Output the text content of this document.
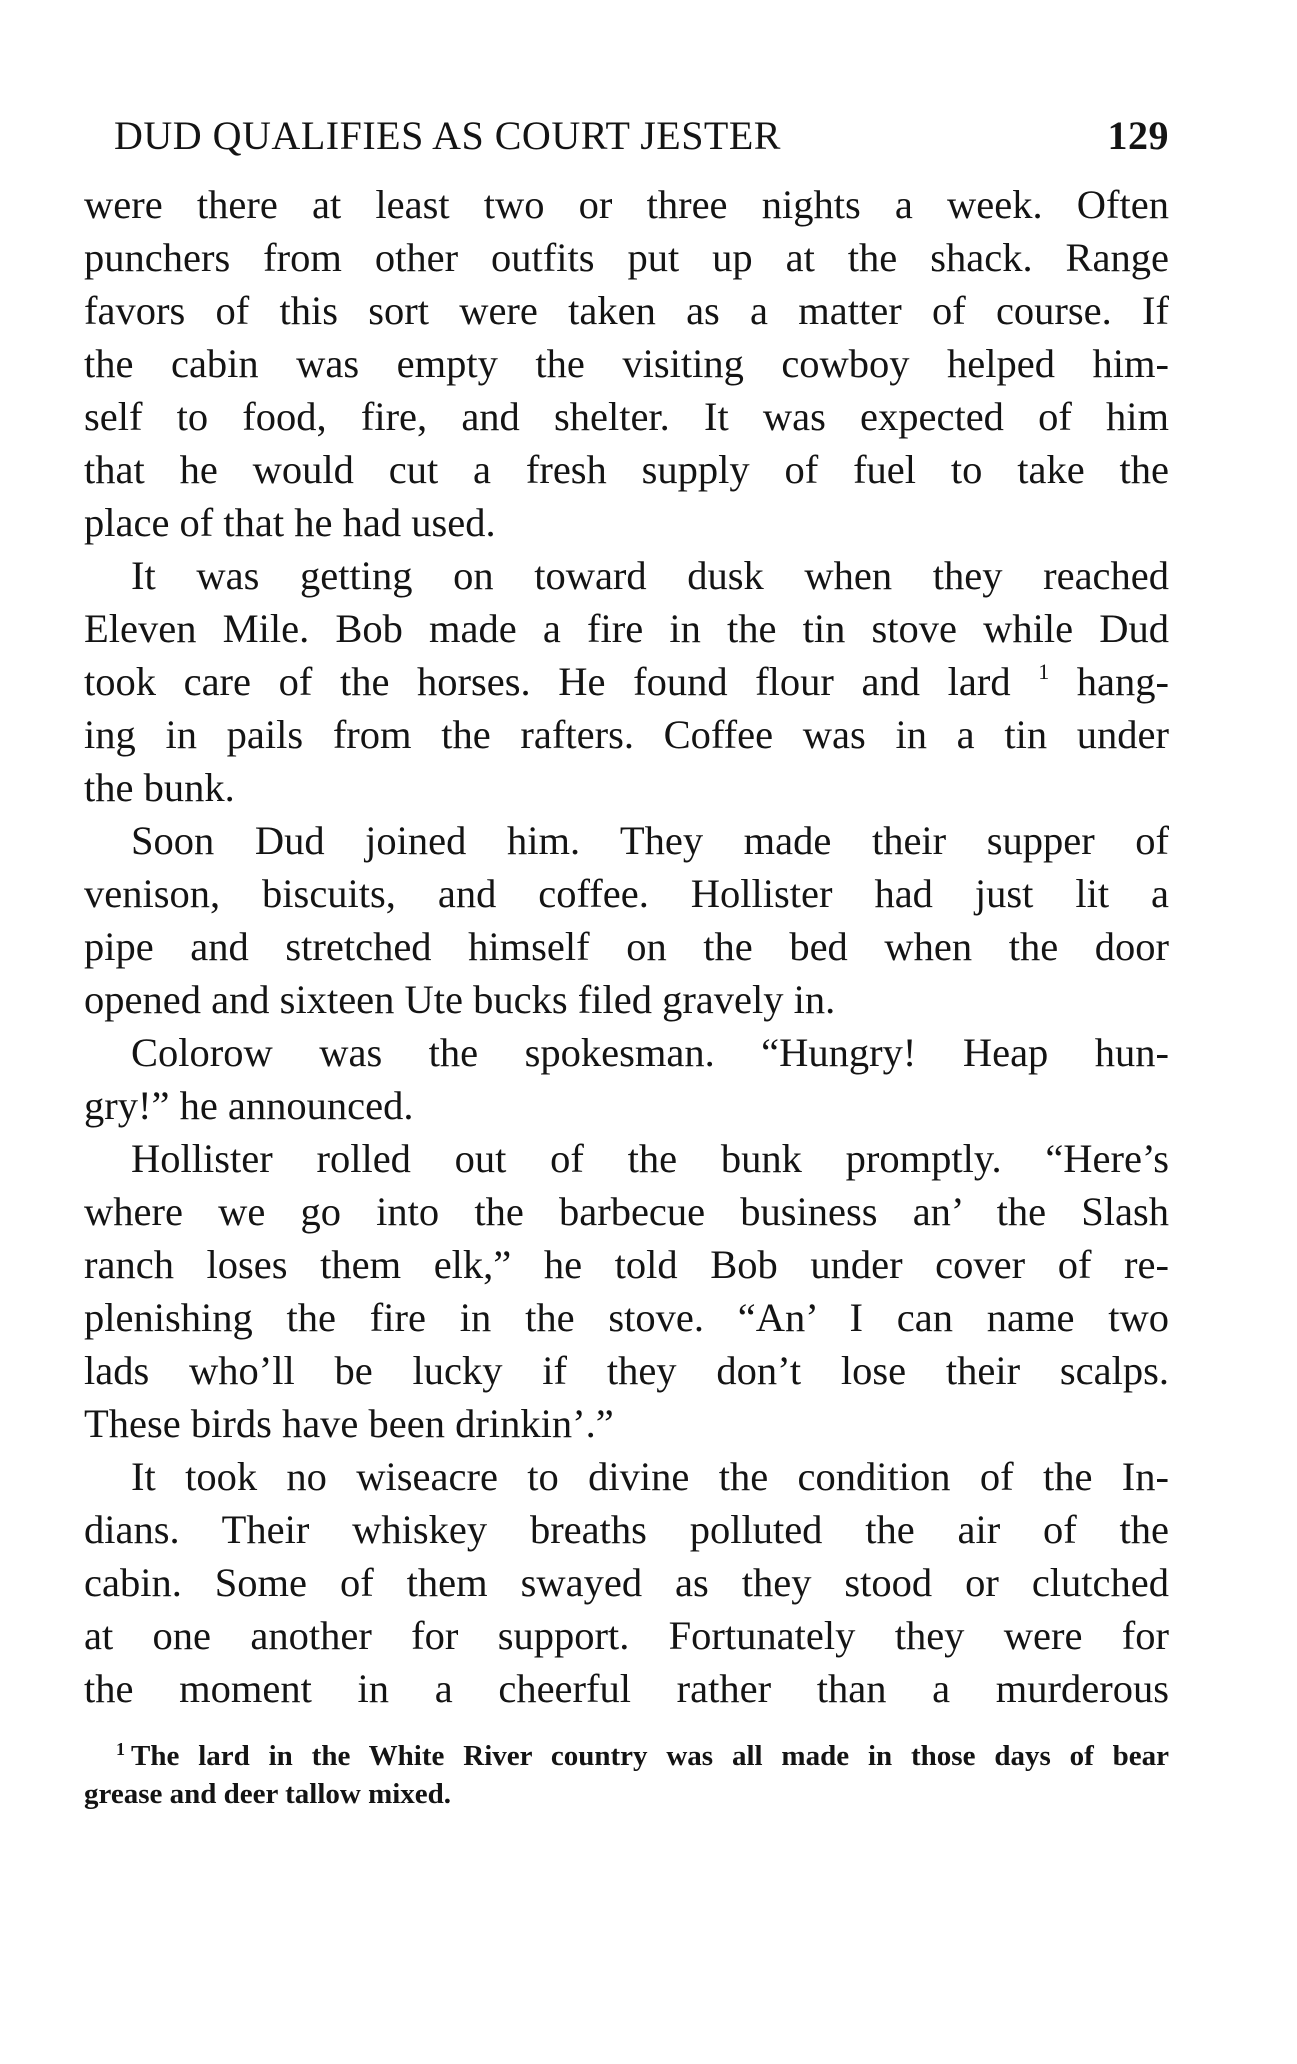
DUD QUALIFIES AS COURT JESTER	129
were there at least two or three nights a week. Often
punchers from other outfits put up at the shack. Range
favors of this sort were taken as a matter of course. If
the cabin was empty the visiting cowboy helped him-
self to food, fire, and shelter. It was expected of him
that he would cut a fresh supply of fuel to take the
place of that he had used.
It was getting on toward dusk when they reached
Eleven Mile. Bob made a fire in the tin stove while Dud
took care of the horses. He found flour and lard $^1$ hang-
ing in pails from the rafters. Coffee was in a tin under
the bunk.
Soon Dud joined him. They made their supper of
venison, biscuits, and coffee. Hollister had just lit a
pipe and stretched himself on the bed when the door
opened and sixteen Ute bucks filed gravely in.
Colorow was the spokesman. “Hungry! Heap hun-
gry!” he announced.
Hollister rolled out of the bunk promptly. “Here’s
where we go into the barbecue business an’ the Slash
ranch loses them elk,” he told Bob under cover of re-
plenishing the fire in the stove. “An’ I can name two
lads who’ll be lucky if they don’t lose their scalps.
These birds have been drinkin’.”
It took no wiseacre to divine the condition of the In-
dians. Their whiskey breaths polluted the air of the
cabin. Some of them swayed as they stood or clutched
at one another for support. Fortunately they were for
the moment in a cheerful rather than a murderous
$^1$ The lard in the White River country was all made in those days of bear
grease and deer tallow mixed.
